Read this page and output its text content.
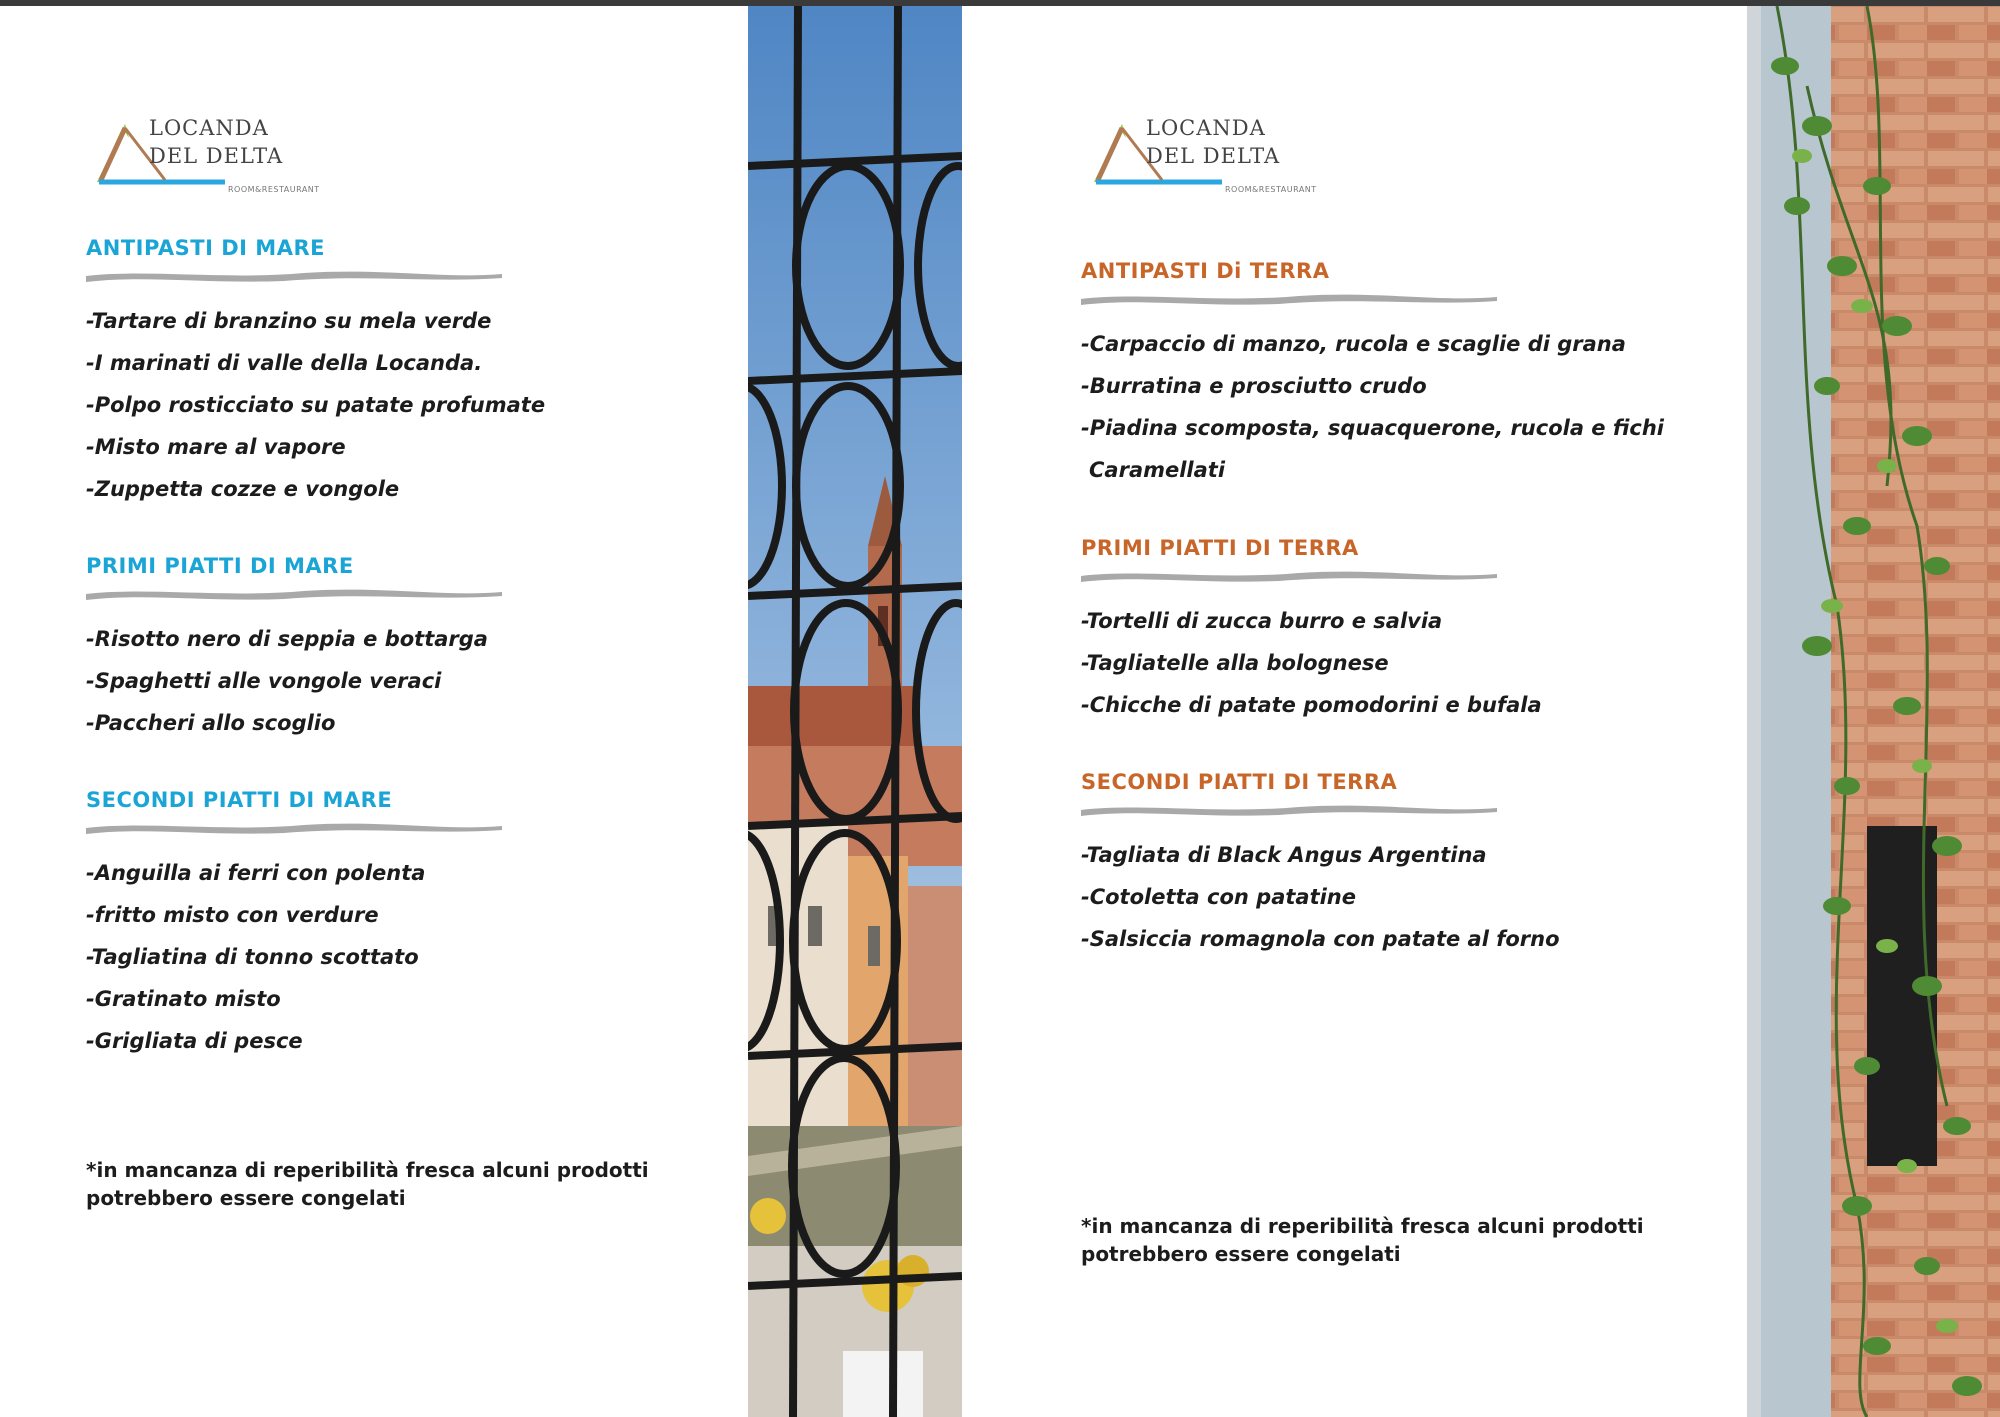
LOCANDA
DEL DELTA
ROOM&RESTAURANT
ANTIPASTI DI MARE
-Tartare di branzino su mela verde
-I marinati di valle della Locanda.
-Polpo rosticciato su patate profumate
-Misto mare al vapore
-Zuppetta cozze e vongole
PRIMI PIATTI DI MARE
-Risotto nero di seppia e bottarga
-Spaghetti alle vongole veraci
-Paccheri allo scoglio
SECONDI PIATTI DI MARE
-Anguilla ai ferri con polenta
-fritto misto con verdure
-Tagliatina di tonno scottato
-Gratinato misto
-Grigliata di pesce

*in mancanza di reperibilità fresca alcuni prodotti
potrebbero essere congelati

LOCANDA
DEL DELTA
ROOM&RESTAURANT
ANTIPASTI Di TERRA
-Carpaccio di manzo, rucola e scaglie di grana
-Burratina e prosciutto crudo
-Piadina scomposta, squacquerone, rucola e fichi
Caramellati
PRIMI PIATTI DI TERRA
-Tortelli di zucca burro e salvia
-Tagliatelle alla bolognese
-Chicche di patate pomodorini e bufala
SECONDI PIATTI DI TERRA
-Tagliata di Black Angus Argentina
-Cotoletta con patatine
-Salsiccia romagnola con patate al forno

*in mancanza di reperibilità fresca alcuni prodotti
potrebbero essere congelati
